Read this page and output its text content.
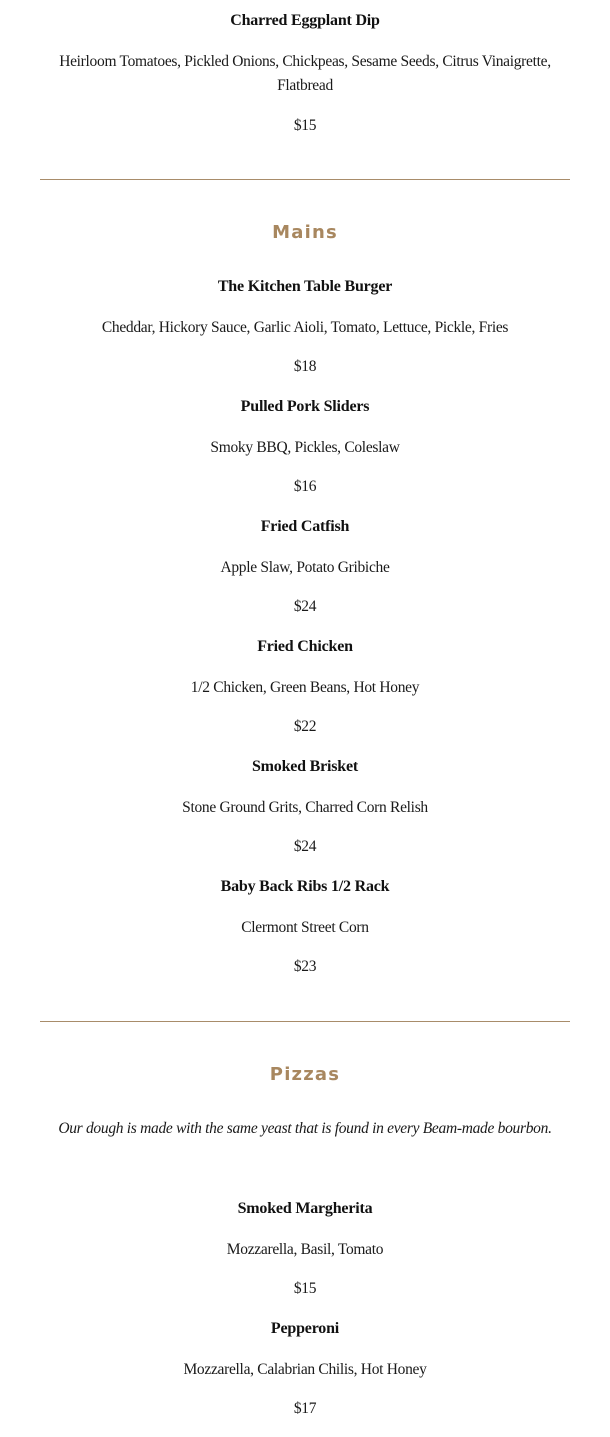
Charred Eggplant Dip
Heirloom Tomatoes, Pickled Onions, Chickpeas, Sesame Seeds, Citrus Vinaigrette, Flatbread
$15
Mains
The Kitchen Table Burger
Cheddar, Hickory Sauce, Garlic Aioli, Tomato, Lettuce, Pickle, Fries
$18
Pulled Pork Sliders
Smoky BBQ, Pickles, Coleslaw
$16
Fried Catfish
Apple Slaw, Potato Gribiche
$24
Fried Chicken
1/2 Chicken, Green Beans, Hot Honey
$22
Smoked Brisket
Stone Ground Grits, Charred Corn Relish
$24
Baby Back Ribs 1/2 Rack
Clermont Street Corn
$23
Pizzas
Our dough is made with the same yeast that is found in every Beam-made bourbon.
Smoked Margherita
Mozzarella, Basil, Tomato
$15
Pepperoni
Mozzarella, Calabrian Chilis, Hot Honey
$17
